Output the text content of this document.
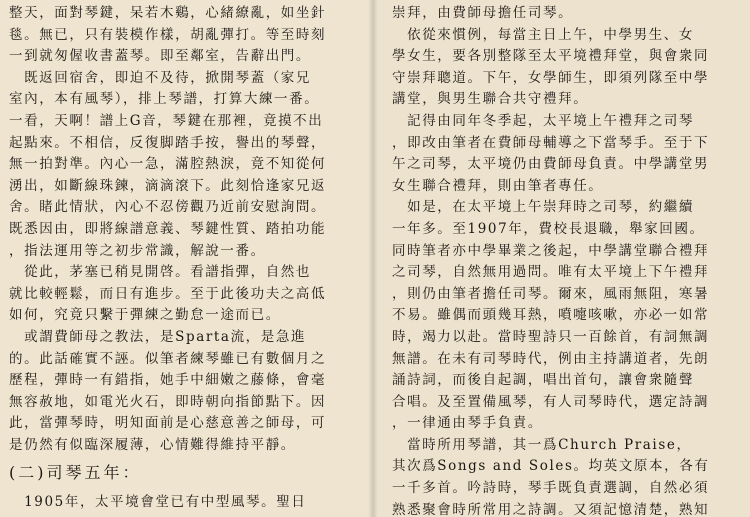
整天，面對琴鍵，呆若木鷄，心緒繚亂，如坐針
毯。無已，只有裝模作樣，胡亂彈打。等至時刻
一到就匆偓收書蓋琴。即至鄰室，告辭出門。
　既返回宿舍，即迫不及待，掀開琴蓋（家兄
室內，本有風琴），排上琴譜，打算大練一番。
一看，天啊！譜上G音，琴鍵在那裡，竟摸不出
起點來。不相信，反復脚踏手按，譽出的琴聲，
無一拍對準。內心一急，滿腔熱淚，竟不知從何
湧出，如斷線珠鍊，滴滴滾下。此刻恰逢家兄返
舍。睹此情狀，內心不忍傍觀乃近前安慰詢問。
既悉因由，即將線譜意義、琴鍵性質、踏拍功能
，指法運用等之初步常識，解說一番。
　從此，茅塞已稍見開啓。看譜指彈，自然也
就比較輕鬆，而日有進步。至于此後功夫之高低
如何，究竟只繫于彈練之勤怠一途而已。
　或謂費師母之教法，是Sparta流，是急進
的。此話確實不誣。似筆者練琴雖已有數個月之
歷程，彈時一有錯指，她手中細嫩之藤條，會毫
無容赦地，如電光火石，即時朝向指節點下。因
此，當彈琴時，明知面前是心慈意善之師母，可
是仍然有似臨深履薄，心情難得維持平靜。
(二)司琴五年：
　1905年，太平境會堂已有中型風琴。聖日
崇拜，由費師母擔任司琴。
　依從來慣例，每當主日上午，中學男生、女
學女生，要各別整隊至太平境禮拜堂，與會衆同
守崇拜聰道。下午，女學師生，即須列隊至中學
講堂，與男生聯合共守禮拜。
　記得由同年冬季起，太平境上午禮拜之司琴
，即改由筆者在費師母輔導之下當琴手。至于下
午之司琴，太平境仍由費師母負責。中學講堂男
女生聯合禮拜，則由筆者專任。
　如是，在太平境上午崇拜時之司琴，約繼續
一年多。至1907年，費校長退職，舉家回國。
同時筆者亦中學畢業之後起，中學講堂聯合禮拜
之司琴，自然無用過問。唯有太平境上下午禮拜
，則仍由筆者擔任司琴。爾來，風雨無阻，寒暑
不易。雖偶而頭幾耳熱，噴嚏咳嗽，亦必一如常
時，竭力以赴。當時聖詩只一百餘首，有詞無調
無譜。在未有司琴時代，例由主持講道者，先朗
誦詩詞，而後自起調，唱出首句，讓會衆隨聲
合唱。及至置備風琴，有人司琴時代，選定詩調
，一律通由琴手負責。
　當時所用琴譜，其一爲Church Praise，
其次爲Songs and Soles。均英文原本，各有
一千多首。吟詩時，琴手既負責選調，自然必須
熟悉聚會時所常用之詩調。又須記憶清楚，熟知
